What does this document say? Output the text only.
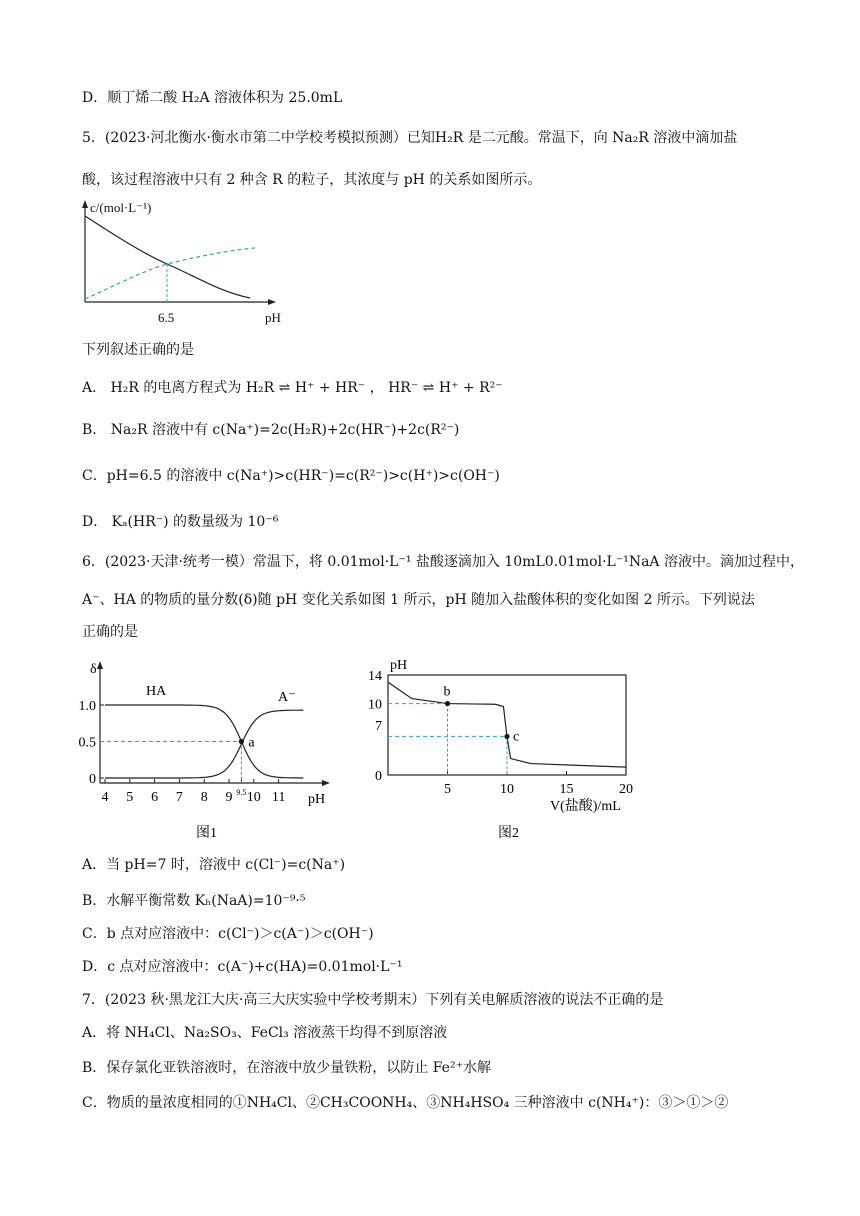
D．顺丁烯二酸 H₂A 溶液体积为 25.0mL
5．(2023·河北衡水·衡水市第二中学校考模拟预测）已知H₂R 是二元酸。常温下，向 Na₂R 溶液中滴加盐
酸，该过程溶液中只有 2 种含 R 的粒子，其浓度与 pH 的关系如图所示。
c/(mol·L⁻¹)
6.5	pH
下列叙述正确的是
A． H₂R 的电离方程式为 H₂R ⇌ H⁺ + HR⁻ ， HR⁻ ⇌ H⁺ + R²⁻
B． Na₂R 溶液中有 c(Na⁺)=2c(H₂R)+2c(HR⁻)+2c(R²⁻)
C．pH=6.5 的溶液中 c(Na⁺)>c(HR⁻)=c(R²⁻)>c(H⁺)>c(OH⁻)
D． Kₐ(HR⁻) 的数量级为 10⁻⁶
6．(2023·天津·统考一模）常温下，将 0.01mol·L⁻¹ 盐酸逐滴加入 10mL0.01mol·L⁻¹NaA 溶液中。滴加过程中，
A⁻、HA 的物质的量分数(δ)随 pH 变化关系如图 1 所示，pH 随加入盐酸体积的变化如图 2 所示。下列说法
正确的是
δ
0
0.5
1.0
4 5 6 7 8 9 9.5 10 11
a
HA	A⁻
pH
图1
pH
0
7
10
14
5	10	15	20
b
c
V(盐酸)/mL
图2
A．当 pH=7 时，溶液中 c(Cl⁻)=c(Na⁺)
B．水解平衡常数 Kₕ(NaA)=10⁻⁹·⁵
C．b 点对应溶液中：c(Cl⁻)＞c(A⁻)＞c(OH⁻)
D．c 点对应溶液中：c(A⁻)+c(HA)=0.01mol·L⁻¹
7．(2023 秋·黑龙江大庆·高三大庆实验中学校考期末）下列有关电解质溶液的说法不正确的是
A．将 NH₄Cl、Na₂SO₃、FeCl₃ 溶液蒸干均得不到原溶液
B．保存氯化亚铁溶液时，在溶液中放少量铁粉，以防止 Fe²⁺水解
C．物质的量浓度相同的①NH₄Cl、②CH₃COONH₄、③NH₄HSO₄ 三种溶液中 c(NH₄⁺)：③＞①＞②
